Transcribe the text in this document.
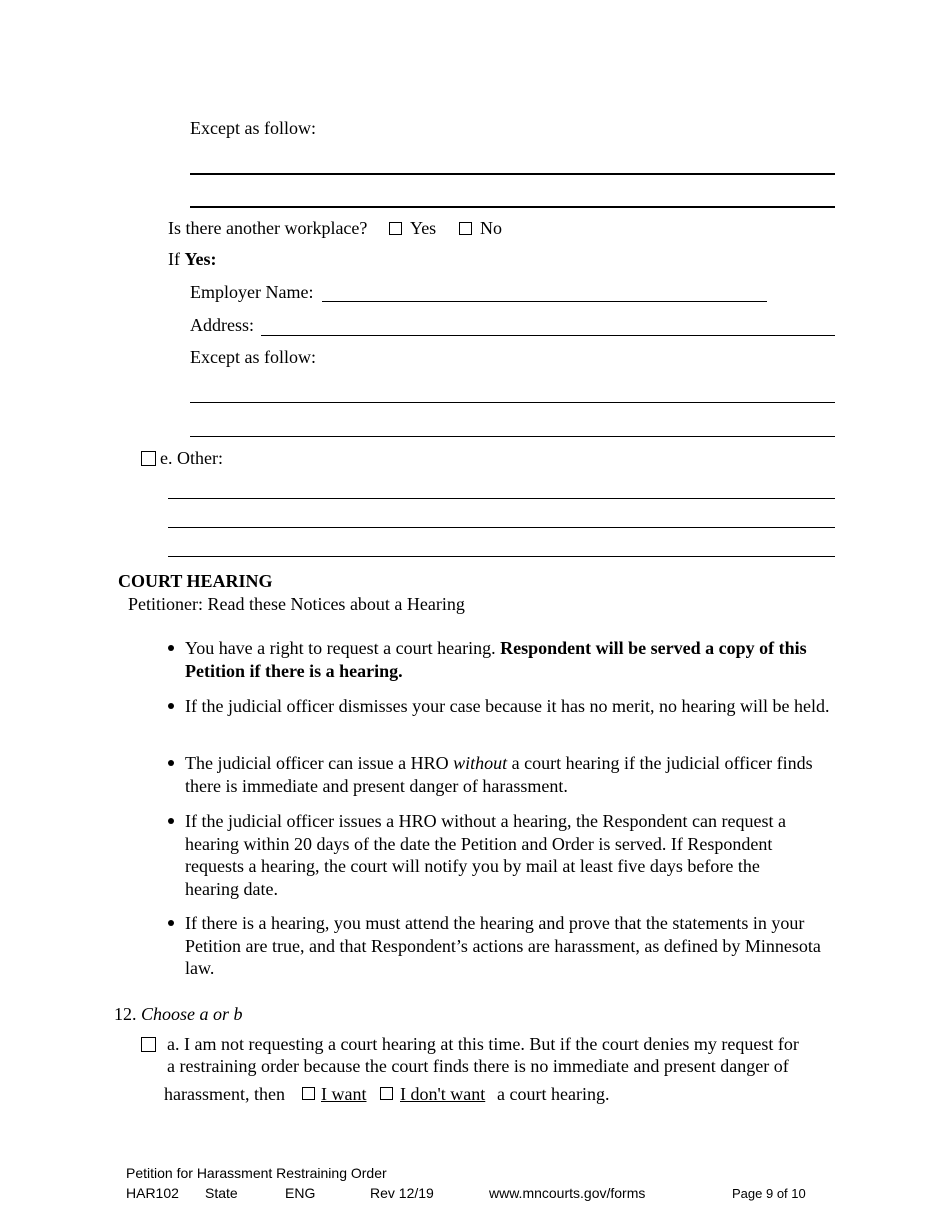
Except as follow:
Is there another workplace? Yes No
If Yes:
Employer Name:
Address:
Except as follow:
e. Other:
COURT HEARING
Petitioner: Read these Notices about a Hearing
You have a right to request a court hearing. Respondent will be served a copy of this Petition if there is a hearing.
If the judicial officer dismisses your case because it has no merit, no hearing will be held.
The judicial officer can issue a HRO without a court hearing if the judicial officer finds there is immediate and present danger of harassment.
If the judicial officer issues a HRO without a hearing, the Respondent can request a hearing within 20 days of the date the Petition and Order is served. If Respondent requests a hearing, the court will notify you by mail at least five days before the hearing date.
If there is a hearing, you must attend the hearing and prove that the statements in your Petition are true, and that Respondent’s actions are harassment, as defined by Minnesota law.
12. Choose a or b
a. I am not requesting a court hearing at this time. But if the court denies my request for
a restraining order because the court finds there is no immediate and present danger of
harassment, then I want I don't want a court hearing.
Petition for Harassment Restraining Order
HAR102 State	ENG	Rev 12/19	www.mncourts.gov/forms	Page 9 of 10
